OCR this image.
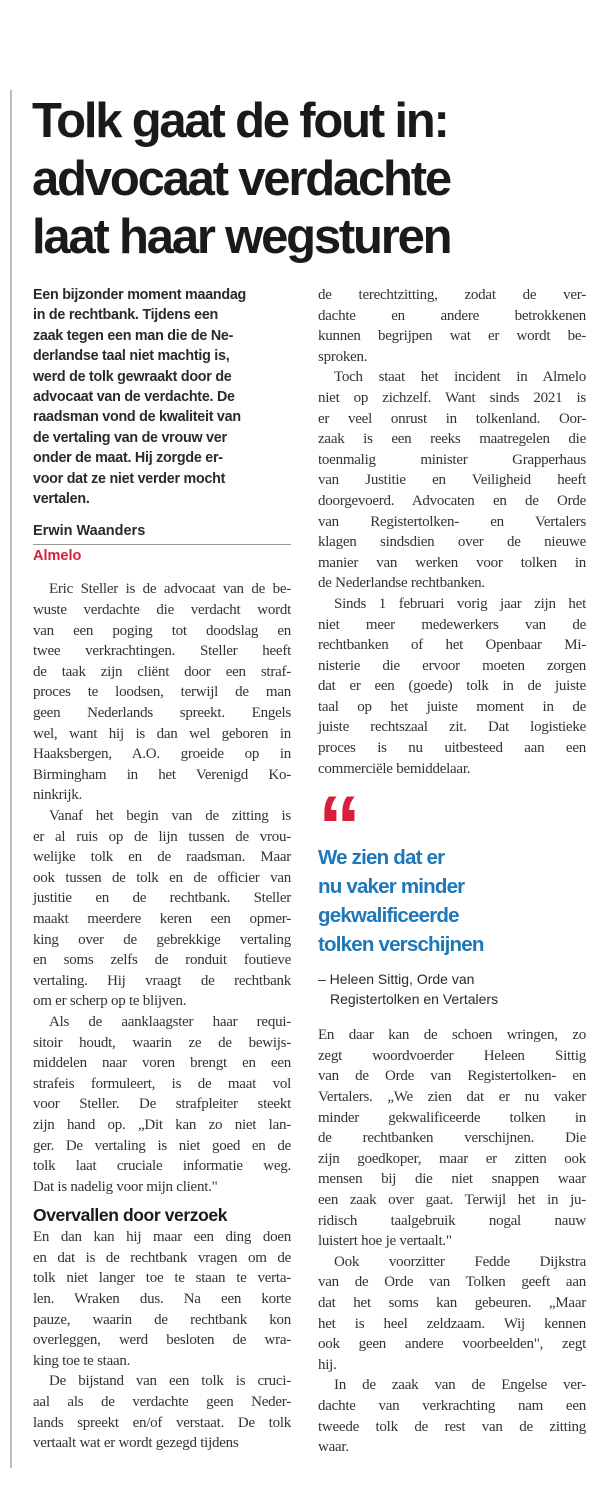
Tolk gaat de fout in:
advocaat verdachte
laat haar wegsturen
Een bijzonder moment maandag
in de rechtbank. Tijdens een
zaak tegen een man die de Ne-
derlandse taal niet machtig is,
werd de tolk gewraakt door de
advocaat van de verdachte. De
raadsman vond de kwaliteit van
de vertaling van de vrouw ver
onder de maat. Hij zorgde er-
voor dat ze niet verder mocht
vertalen.
Erwin Waanders
Almelo
Eric Steller is de advocaat van de be-
wuste verdachte die verdacht wordt
van een poging tot doodslag en
twee verkrachtingen. Steller heeft
de taak zijn cliënt door een straf-
proces te loodsen, terwijl de man
geen Nederlands spreekt. Engels
wel, want hij is dan wel geboren in
Haaksbergen, A.O. groeide op in
Birmingham in het Verenigd Ko-
ninkrijk.
Vanaf het begin van de zitting is
er al ruis op de lijn tussen de vrou-
welijke tolk en de raadsman. Maar
ook tussen de tolk en de officier van
justitie en de rechtbank. Steller
maakt meerdere keren een opmer-
king over de gebrekkige vertaling
en soms zelfs de ronduit foutieve
vertaling. Hij vraagt de rechtbank
om er scherp op te blijven.
Als de aanklaagster haar requi-
sitoir houdt, waarin ze de bewijs-
middelen naar voren brengt en een
strafeis formuleert, is de maat vol
voor Steller. De strafpleiter steekt
zijn hand op. „Dit kan zo niet lan-
ger. De vertaling is niet goed en de
tolk laat cruciale informatie weg.
Dat is nadelig voor mijn client."
Overvallen door verzoek
En dan kan hij maar een ding doen
en dat is de rechtbank vragen om de
tolk niet langer toe te staan te verta-
len. Wraken dus. Na een korte
pauze, waarin de rechtbank kon
overleggen, werd besloten de wra-
king toe te staan.
De bijstand van een tolk is cruci-
aal als de verdachte geen Neder-
lands spreekt en/of verstaat. De tolk
vertaalt wat er wordt gezegd tijdens
de terechtzitting, zodat de ver-
dachte en andere betrokkenen
kunnen begrijpen wat er wordt be-
sproken.
Toch staat het incident in Almelo
niet op zichzelf. Want sinds 2021 is
er veel onrust in tolkenland. Oor-
zaak is een reeks maatregelen die
toenmalig minister Grapperhaus
van Justitie en Veiligheid heeft
doorgevoerd. Advocaten en de Orde
van Registertolken- en Vertalers
klagen sindsdien over de nieuwe
manier van werken voor tolken in
de Nederlandse rechtbanken.
Sinds 1 februari vorig jaar zijn het
niet meer medewerkers van de
rechtbanken of het Openbaar Mi-
nisterie die ervoor moeten zorgen
dat er een (goede) tolk in de juiste
taal op het juiste moment in de
juiste rechtszaal zit. Dat logistieke
proces is nu uitbesteed aan een
commerciële bemiddelaar.
“
We zien dat er
nu vaker minder
gekwalificeerde
tolken verschijnen
– Heleen Sittig, Orde van
Registertolken en Vertalers
En daar kan de schoen wringen, zo
zegt woordvoerder Heleen Sittig
van de Orde van Registertolken- en
Vertalers. „We zien dat er nu vaker
minder gekwalificeerde tolken in
de rechtbanken verschijnen. Die
zijn goedkoper, maar er zitten ook
mensen bij die niet snappen waar
een zaak over gaat. Terwijl het in ju-
ridisch taalgebruik nogal nauw
luistert hoe je vertaalt."
Ook voorzitter Fedde Dijkstra
van de Orde van Tolken geeft aan
dat het soms kan gebeuren. „Maar
het is heel zeldzaam. Wij kennen
ook geen andere voorbeelden", zegt
hij.
In de zaak van de Engelse ver-
dachte van verkrachting nam een
tweede tolk de rest van de zitting
waar.
